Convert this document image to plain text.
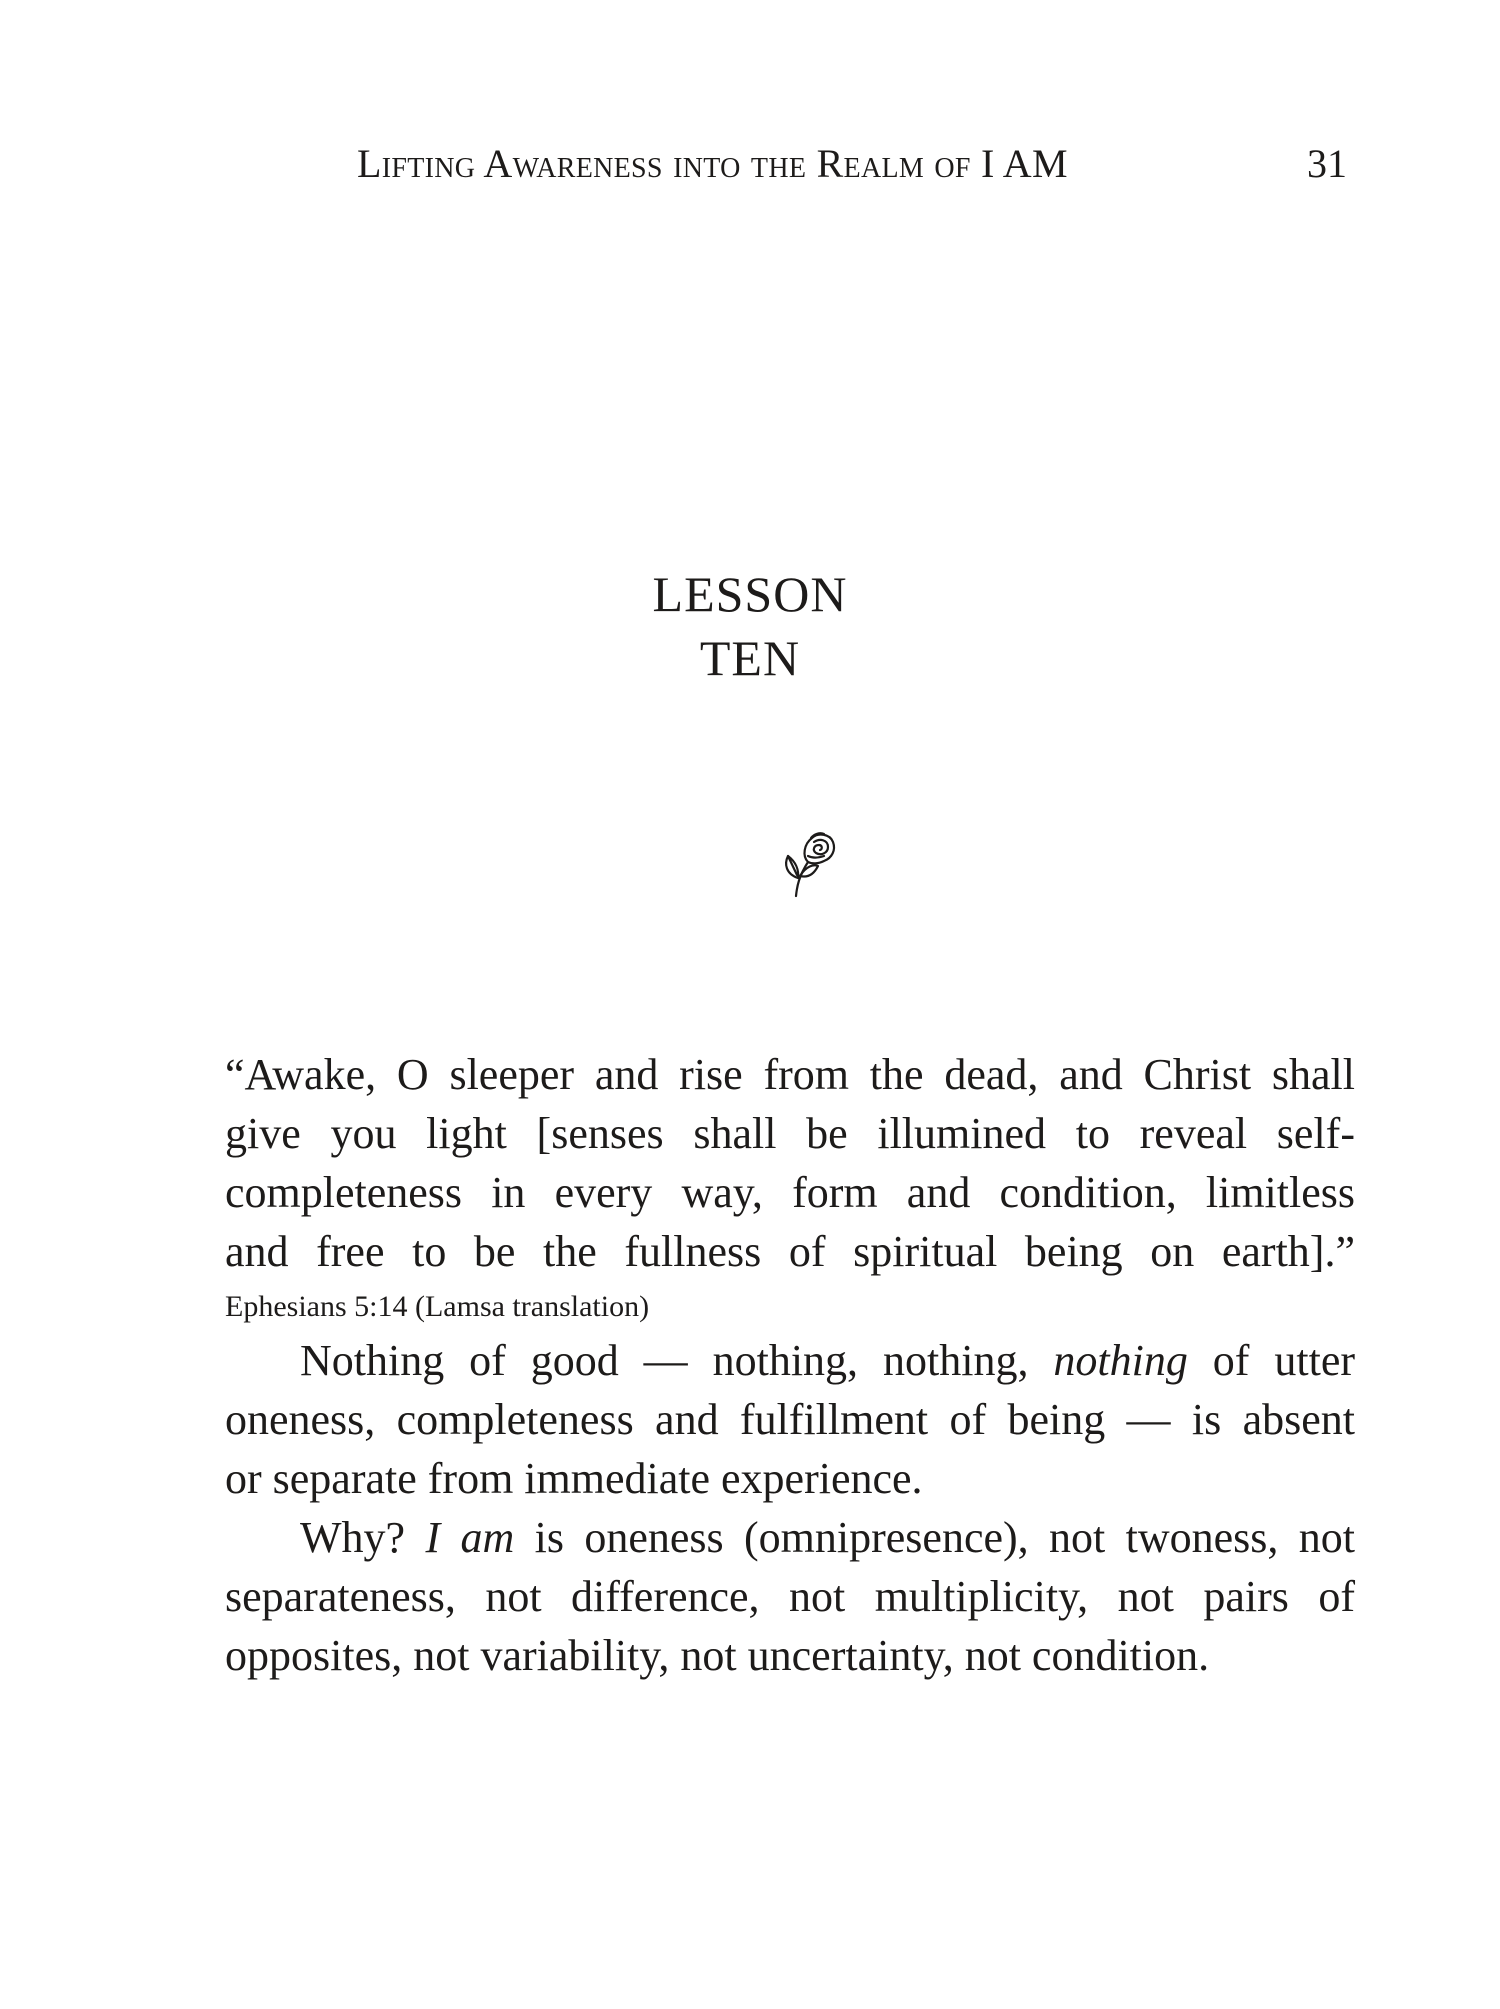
Lifting Awareness into the Realm of I AM	31
LESSON
TEN
“Awake, O sleeper and rise from the dead, and Christ shall
give you light [senses shall be illumined to reveal self-
completeness in every way, form and condition, limitless
and free to be the fullness of spiritual being on earth].”
Ephesians 5:14 (Lamsa translation)

Nothing of good — nothing, nothing, nothing of utter
oneness, completeness and fulfillment of being — is absent
or separate from immediate experience.

Why? I am is oneness (omnipresence), not twoness, not
separateness, not difference, not multiplicity, not pairs of
opposites, not variability, not uncertainty, not condition.
